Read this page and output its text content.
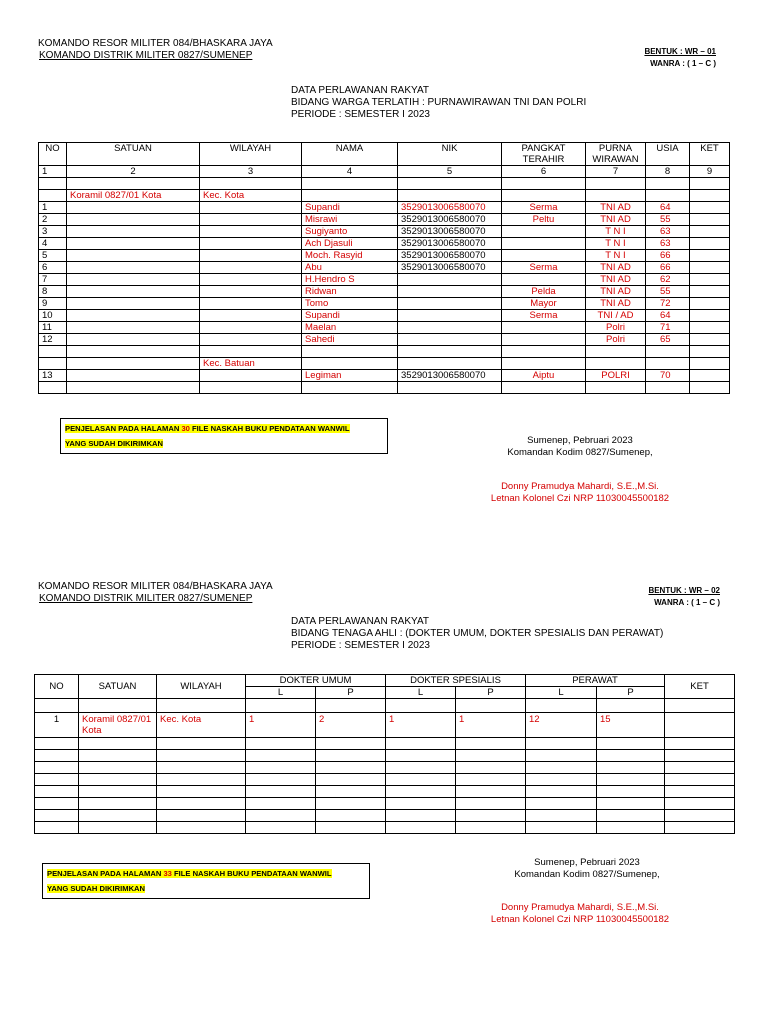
KOMANDO RESOR MILITER 084/BHASKARA JAYA
KOMANDO DISTRIK MILITER 0827/SUMENEP	BENTUK : WR – 01
WANRA : ( 1 – C )
DATA PERLAWANAN RAKYAT
BIDANG WARGA TERLATIH : PURNAWIRAWAN TNI DAN POLRI
PERIODE : SEMESTER I 2023
NO	SATUAN	WILAYAH	NAMA	NIK	PANGKAT TERAHIR	PURNA WIRAWAN	USIA	KET
1	2	3	4	5	6	7	8	9

	Koramil 0827/01 Kota	Kec. Kota						
1			Supandi	3529013006580070	Serma	TNI AD	64	
2			Misrawi	3529013006580070	Peltu	TNI AD	55	
3			Sugiyanto	3529013006580070		T N I	63	
4			Ach Djasuli	3529013006580070		T N I	63	
5			Moch. Rasyid	3529013006580070		T N I	66	
6			Abu	3529013006580070	Serma	TNI AD	66	
7			H.Hendro S			TNI AD	62	
8			Ridwan		Pelda	TNI AD	55	
9			Tomo		Mayor	TNI AD	72	
10			Supandi		Serma	TNI / AD	64	
11			Maelan			Polri	71	
12			Sahedi			Polri	65	

		Kec. Batuan						
13			Legiman	3529013006580070	Aiptu	POLRI	70	

PENJELASAN PADA HALAMAN 30 FILE NASKAH BUKU PENDATAAN WANWIL
YANG SUDAH DIKIRIMKAN	Sumenep, Pebruari 2023
Komandan Kodim 0827/Sumenep,
Donny Pramudya Mahardi, S.E.,M.Si.
Letnan Kolonel Czi NRP 11030045500182
KOMANDO RESOR MILITER 084/BHASKARA JAYA
KOMANDO DISTRIK MILITER 0827/SUMENEP
BENTUK : WR – 02
WANRA : ( 1 – C )
DATA PERLAWANAN RAKYAT
BIDANG TENAGA AHLI : (DOKTER UMUM, DOKTER SPESIALIS DAN PERAWAT)
PERIODE : SEMESTER I 2023
NO	SATUAN	WILAYAH	DOKTER UMUM		DOKTER SPESIALIS		PERAWAT		KET
			L	P	L	P	L	P	

1	Koramil 0827/01 Kota	Kec. Kota	1	2	1	1	12	15	

PENJELASAN PADA HALAMAN 33 FILE NASKAH BUKU PENDATAAN WANWIL
YANG SUDAH DIKIRIMKAN
Sumenep, Pebruari 2023
Komandan Kodim 0827/Sumenep,
Donny Pramudya Mahardi, S.E.,M.Si.
Letnan Kolonel Czi NRP 11030045500182
